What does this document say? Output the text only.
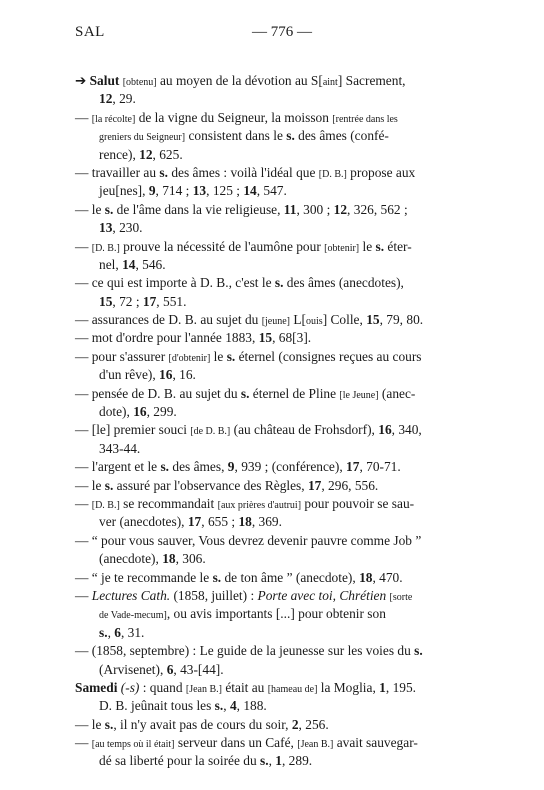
SAL	— 776 —
➔ Salut [obtenu] au moyen de la dévotion au S[aint] Sacrement,
12, 29.
— [la récolte] de la vigne du Seigneur, la moisson [rentrée dans les
greniers du Seigneur] consistent dans le s. des âmes (confé-
rence), 12, 625.
— travailler au s. des âmes : voilà l'idéal que [D. B.] propose aux
jeu[nes], 9, 714 ; 13, 125 ; 14, 547.
— le s. de l'âme dans la vie religieuse, 11, 300 ; 12, 326, 562 ;
13, 230.
— [D. B.] prouve la nécessité de l'aumône pour [obtenir] le s. éter-
nel, 14, 546.
— ce qui est importe à D. B., c'est le s. des âmes (anecdotes),
15, 72 ; 17, 551.
— assurances de D. B. au sujet du [jeune] L[ouis] Colle, 15, 79, 80.
— mot d'ordre pour l'année 1883, 15, 68[3].
— pour s'assurer [d'obtenir] le s. éternel (consignes reçues au cours
d'un rêve), 16, 16.
— pensée de D. B. au sujet du s. éternel de Pline [le Jeune] (anec-
dote), 16, 299.
— [le] premier souci [de D. B.] (au château de Frohsdorf), 16, 340,
343-44.
— l'argent et le s. des âmes, 9, 939 ; (conférence), 17, 70-71.
— le s. assuré par l'observance des Règles, 17, 296, 556.
— [D. B.] se recommandait [aux prières d'autrui] pour pouvoir se sau-
ver (anecdotes), 17, 655 ; 18, 369.
— “ pour vous sauver, Vous devrez devenir pauvre comme Job ”
(anecdote), 18, 306.
— “ je te recommande le s. de ton âme ” (anecdote), 18, 470.
— Lectures Cath. (1858, juillet) : Porte avec toi, Chrétien [sorte
de Vade-mecum], ou avis importants [...] pour obtenir son
s., 6, 31.
— (1858, septembre) : Le guide de la jeunesse sur les voies du s.
(Arvisenet), 6, 43-[44].
Samedi (-s) : quand [Jean B.] était au [hameau de] la Moglia, 1, 195.
D. B. jeûnait tous les s., 4, 188.
— le s., il n'y avait pas de cours du soir, 2, 256.
— [au temps où il était] serveur dans un Café, [Jean B.] avait sauvegar-
dé sa liberté pour la soirée du s., 1, 289.
